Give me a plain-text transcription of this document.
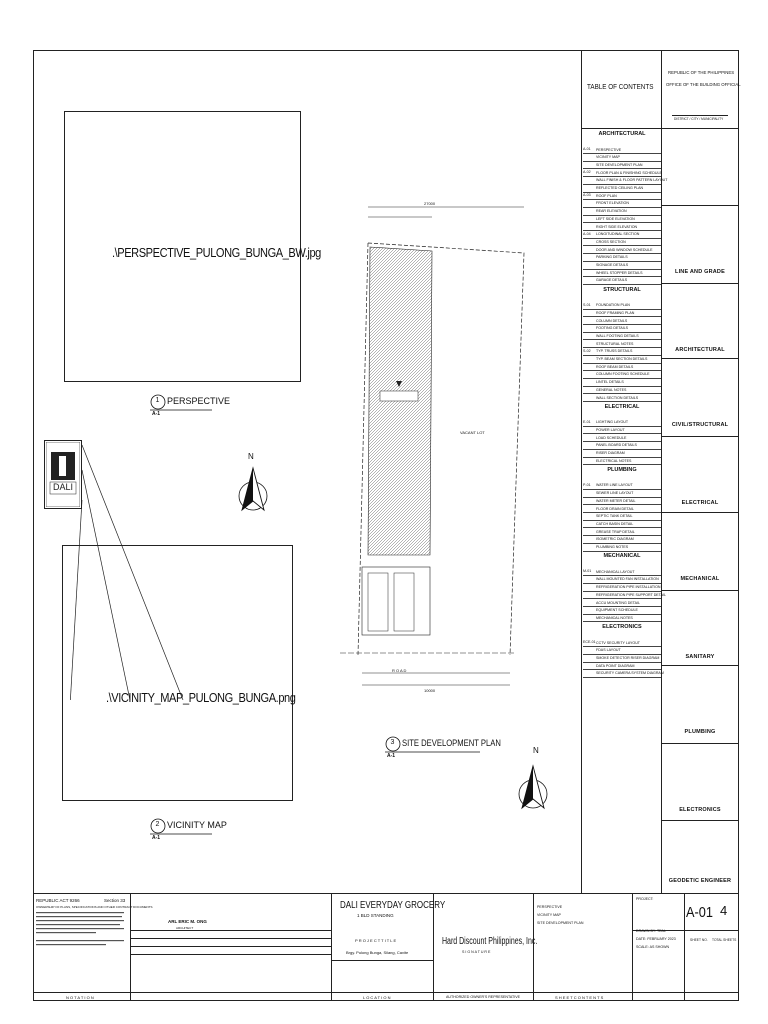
.\PERSPECTIVE_PULONG_BUNGA_BW.jpg
1
A-1
PERSPECTIVE
DALI
N
.\VICINITY_MAP_PULONG_BUNGA.png
2
A-1
VICINITY MAP
27000
VACANT LOT
R O A D
10000
3
A-1
SITE DEVELOPMENT PLAN
N
TABLE OF CONTENTS
REPUBLIC OF THE PHILIPPINES
OFFICE OF THE BUILDING OFFICIAL
DISTRICT / CITY / MUNICIPALITY
ARCHITECTURAL
A-01	PERSPECTIVE
VICINITY MAP
SITE DEVELOPMENT PLAN
A-02	FLOOR PLAN & FINISHING SCHEDULE
WALL FINISH & FLOOR PATTERN LAYOUT
REFLECTED CEILING PLAN
A-03	ROOF PLAN
FRONT ELEVATION
REAR ELEVATION
LEFT SIDE ELEVATION
RIGHT SIDE ELEVATION
A-04	LONGITUDINAL SECTION
CROSS SECTION
DOOR AND WINDOW SCHEDULE
PARKING DETAILS
SIGNAGE DETAILS
WHEEL STOPPER DETAILS
GARAGE DETAILS
STRUCTURAL
S-01	FOUNDATION PLAN
ROOF FRAMING PLAN
COLUMN DETAILS
FOOTING DETAILS
WALL FOOTING DETAILS
STRUCTURAL NOTES
S-02	TYP. TRUSS DETAILS
TYP. BEAM SECTION DETAILS
ROOF BEAM DETAILS
COLUMN FOOTING SCHEDULE
LINTEL DETAILS
GENERAL NOTES
WALL SECTION DETAILS
ELECTRICAL
E-01	LIGHTING LAYOUT
POWER LAYOUT
LOAD SCHEDULE
PANEL BOARD DETAILS
RISER DIAGRAM
ELECTRICAL NOTES
PLUMBING
P-01	WATER LINE LAYOUT
SEWER LINE LAYOUT
WATER METER DETAIL
FLOOR DRAIN DETAIL
SEPTIC TANK DETAIL
CATCH BASIN DETAIL
GREASE TRAP DETAIL
ISOMETRIC DIAGRAM
PLUMBING NOTES
MECHANICAL
M-01	MECHANICAL LAYOUT
WALL MOUNTED FAN INSTALLATION
REFRIGERATION PIPE INSTALLATION
REFRIGERATION PIPE SUPPORT DETAIL
ACCU MOUNTING DETAIL
EQUIPMENT SCHEDULE
MECHANICAL NOTES
ELECTRONICS
ECE-01 CCTV SECURITY LAYOUT
FDAS LAYOUT
SMOKE DETECTOR RISER DIAGRAM
DATA POINT DIAGRAM
SECURITY CAMERA SYSTEM DIAGRAM
LINE AND GRADE
ARCHITECTURAL
CIVIL/STRUCTURAL
ELECTRICAL
MECHANICAL
SANITARY
PLUMBING
ELECTRONICS
GEODETIC ENGINEER
REPUBLIC ACT 9266	Section 33
OWNERSHIP OF PLANS, SPECIFICATIONS AND OTHER CONTRACT DOCUMENTS
ARL ERIC M. ONG
ARCHITECT
DALI EVERYDAY GROCERY
1 BLD STANDING
P R O J E C T T I T L E
Brgy. Pulong Bunga, Silang, Cavite
L O C A T I O N
Hard Discount Philippines, Inc.
S I G N A T U R E
AUTHORIZED OWNER'S REPRESENTATIVE
N O T A T I O N	S H E E T C O N T E N T S
PERSPECTIVE
VICINITY MAP
SITE DEVELOPMENT PLAN
PROJECT:
DRAWN BY: TEAL
DATE: FEBRUARY 2023
SCALE: AS SHOWN
A-01 4
SHEET NO. TOTAL SHEETS
